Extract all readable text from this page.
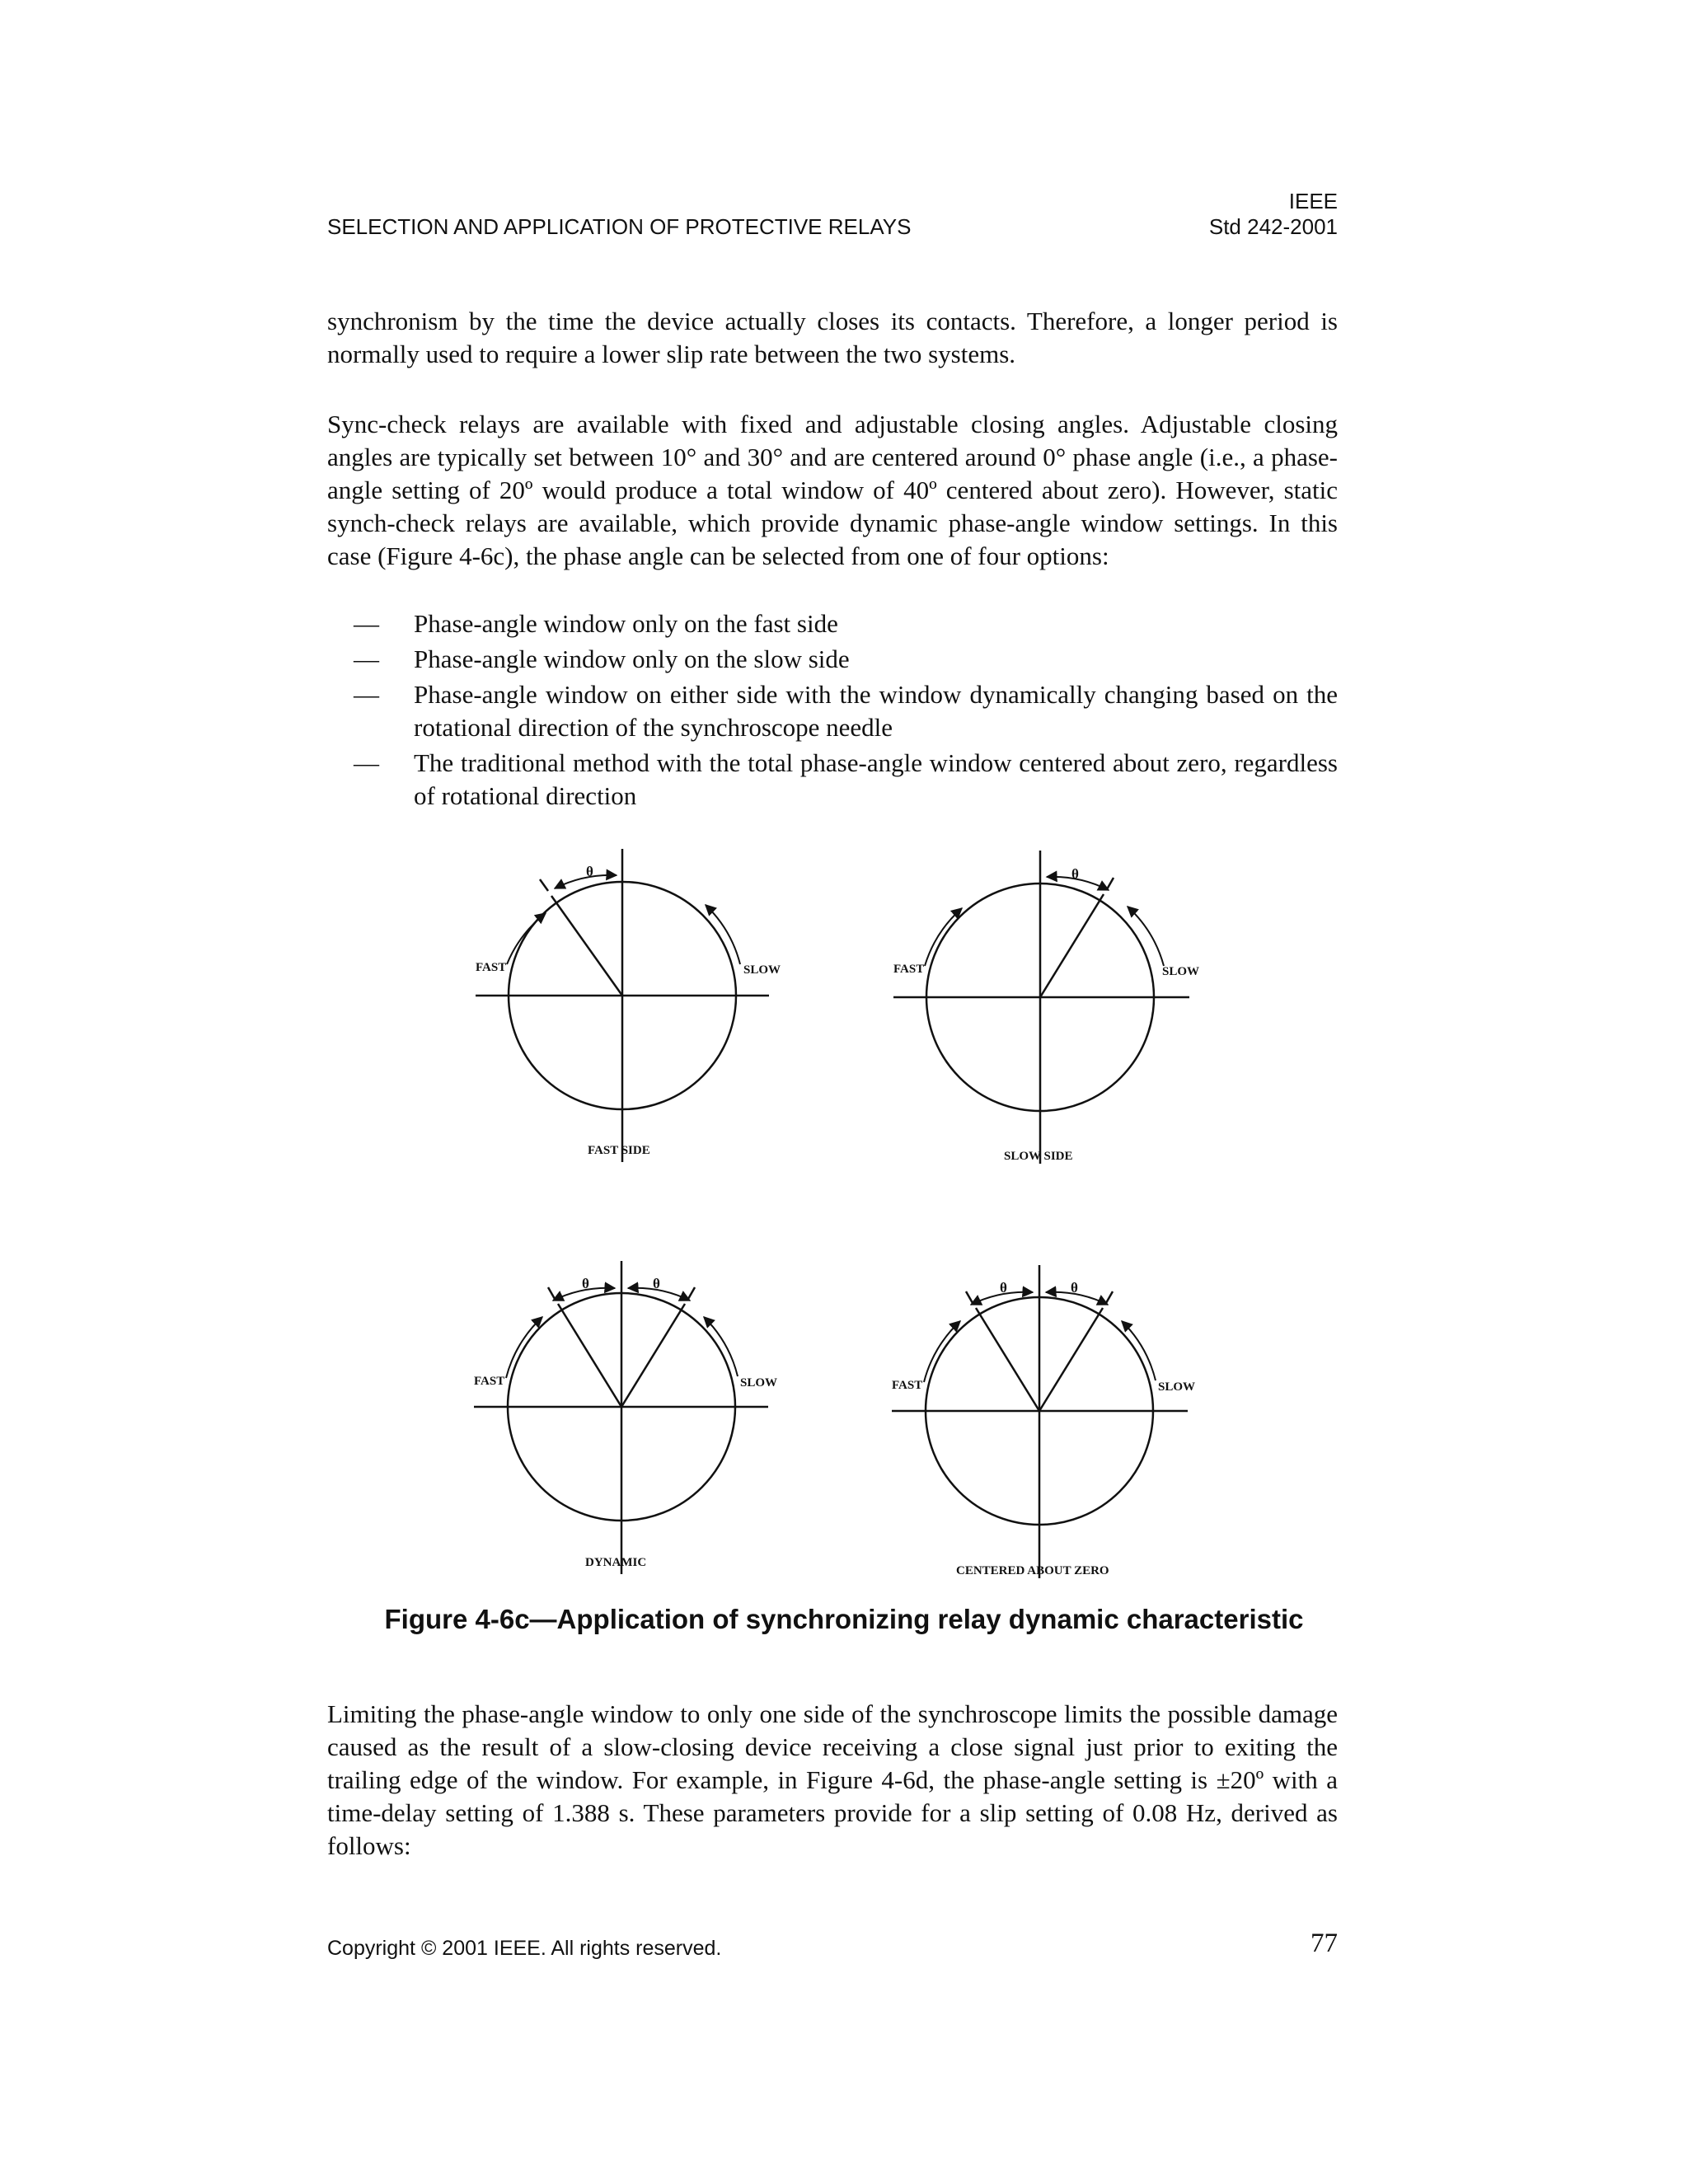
SELECTION AND APPLICATION OF PROTECTIVE RELAYS
IEEE
Std 242-2001

synchronism by the time the device actually closes its contacts. Therefore, a longer period is normally used to require a lower slip rate between the two systems.

Sync-check relays are available with fixed and adjustable closing angles. Adjustable closing angles are typically set between 10° and 30° and are centered around 0° phase angle (i.e., a phase-angle setting of 20º would produce a total window of 40º centered about zero). However, static synch-check relays are available, which provide dynamic phase-angle window settings. In this case (Figure 4-6c), the phase angle can be selected from one of four options:

— Phase-angle window only on the fast side
— Phase-angle window only on the slow side
— Phase-angle window on either side with the window dynamically changing based on the rotational direction of the synchroscope needle
— The traditional method with the total phase-angle window centered about zero, regardless of rotational direction
θ
FAST	SLOW
FAST SIDE
θ
FAST	SLOW
SLOW SIDE
θ	θ
FAST	SLOW
DYNAMIC
θ	θ
FAST	SLOW
CENTERED ABOUT ZERO
Figure 4-6c—Application of synchronizing relay dynamic characteristic

Limiting the phase-angle window to only one side of the synchroscope limits the possible damage caused as the result of a slow-closing device receiving a close signal just prior to exiting the trailing edge of the window. For example, in Figure 4-6d, the phase-angle setting is ±20º with a time-delay setting of 1.388 s. These parameters provide for a slip setting of 0.08 Hz, derived as follows:

Copyright © 2001 IEEE. All rights reserved.	77
